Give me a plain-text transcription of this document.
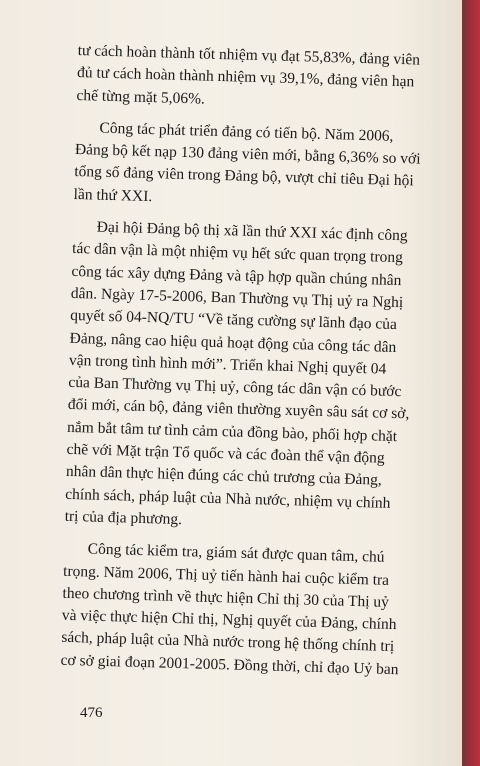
tư cách hoàn thành tốt nhiệm vụ đạt 55,83%, đảng viên
đủ tư cách hoàn thành nhiệm vụ 39,1%, đảng viên hạn
chế từng mặt 5,06%.
Công tác phát triển đảng có tiến bộ. Năm 2006,
Đảng bộ kết nạp 130 đảng viên mới, bằng 6,36% so với
tổng số đảng viên trong Đảng bộ, vượt chỉ tiêu Đại hội
lần thứ XXI.
Đại hội Đảng bộ thị xã lần thứ XXI xác định công
tác dân vận là một nhiệm vụ hết sức quan trọng trong
công tác xây dựng Đảng và tập hợp quần chúng nhân
dân. Ngày 17-5-2006, Ban Thường vụ Thị uỷ ra Nghị
quyết số 04-NQ/TU “Về tăng cường sự lãnh đạo của
Đảng, nâng cao hiệu quả hoạt động của công tác dân
vận trong tình hình mới”. Triển khai Nghị quyết 04
của Ban Thường vụ Thị uỷ, công tác dân vận có bước
đổi mới, cán bộ, đảng viên thường xuyên sâu sát cơ sở,
nắm bắt tâm tư tình cảm của đồng bào, phối hợp chặt
chẽ với Mặt trận Tổ quốc và các đoàn thể vận động
nhân dân thực hiện đúng các chủ trương của Đảng,
chính sách, pháp luật của Nhà nước, nhiệm vụ chính
trị của địa phương.
Công tác kiểm tra, giám sát được quan tâm, chú
trọng. Năm 2006, Thị uỷ tiến hành hai cuộc kiểm tra
theo chương trình về thực hiện Chỉ thị 30 của Thị uỷ
và việc thực hiện Chỉ thị, Nghị quyết của Đảng, chính
sách, pháp luật của Nhà nước trong hệ thống chính trị
cơ sở giai đoạn 2001-2005. Đồng thời, chỉ đạo Uỷ ban
476
